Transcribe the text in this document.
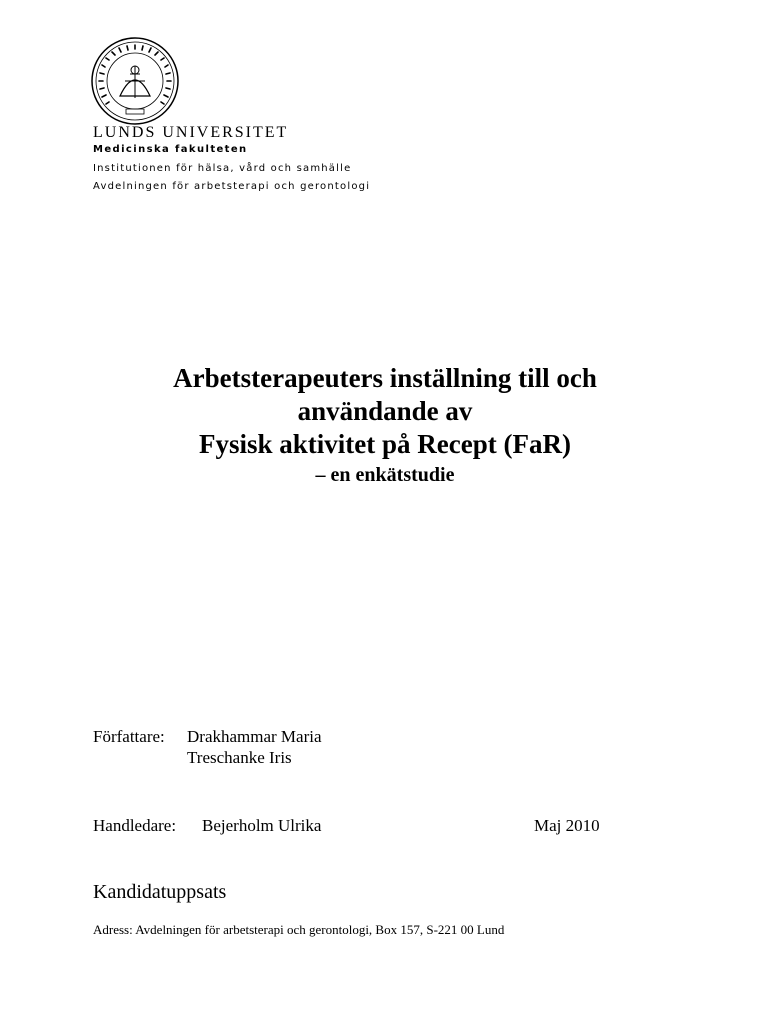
LUNDS UNIVERSITET
Medicinska fakulteten
Institutionen för hälsa, vård och samhälle
Avdelningen för arbetsterapi och gerontologi
Arbetsterapeuters inställning till och
användande av
Fysisk aktivitet på Recept (FaR)
– en enkätstudie
Författare: Drakhammar Maria
Treschanke Iris
Handledare: Bejerholm Ulrika	Maj 2010
Kandidatuppsats
Adress: Avdelningen för arbetsterapi och gerontologi, Box 157, S-221 00 Lund
